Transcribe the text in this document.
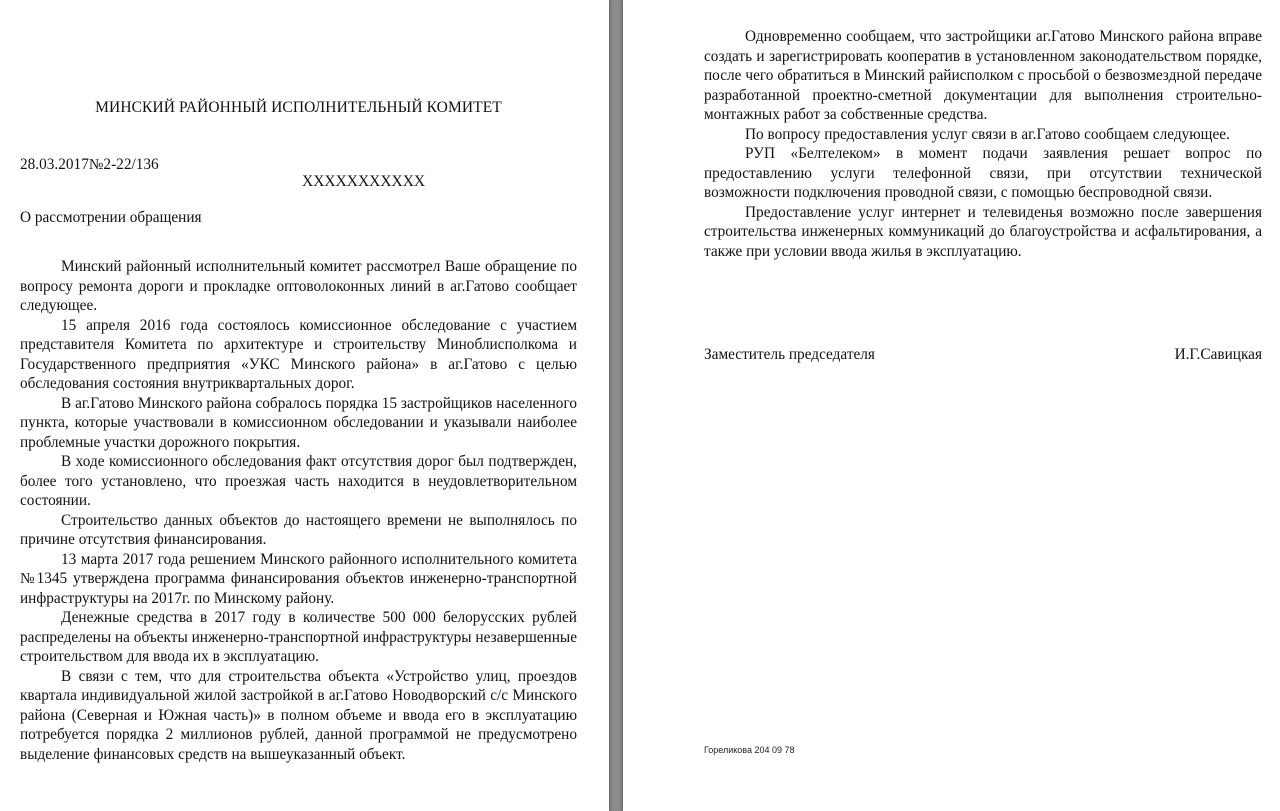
МИНСКИЙ РАЙОННЫЙ ИСПОЛНИТЕЛЬНЫЙ КОМИТЕТ
28.03.2017№2-22/136
ХХХХХХХХХХХ
О рассмотрении обращения

Минский районный исполнительный комитет рассмотрел Ваше обращение по вопросу ремонта дороги и прокладке оптоволоконных линий в аг.Гатово сообщает следующее.

15 апреля 2016 года состоялось комиссионное обследование с участием представителя Комитета по архитектуре и строительству Миноблисполкома и Государственного предприятия «УКС Минского района» в аг.Гатово с целью обследования состояния внутриквартальных дорог.

В аг.Гатово Минского района собралось порядка 15 застройщиков населенного пункта, которые участвовали в комиссионном обследовании и указывали наиболее проблемные участки дорожного покрытия.

В ходе комиссионного обследования факт отсутствия дорог был подтвержден, более того установлено, что проезжая часть находится в неудовлетворительном состоянии.

Строительство данных объектов до настоящего времени не выполнялось по причине отсутствия финансирования.

13 марта 2017 года решением Минского районного исполнительного комитета №1345 утверждена программа финансирования объектов инженерно-транспортной инфраструктуры на 2017г. по Минскому району.

Денежные средства в 2017 году в количестве 500 000 белорусских рублей распределены на объекты инженерно-транспортной инфраструктуры незавершенные строительством для ввода их в эксплуатацию.

В связи с тем, что для строительства объекта «Устройство улиц, проездов квартала индивидуальной жилой застройкой в аг.Гатово Новодворский с/с Минского района (Северная и Южная часть)» в полном объеме и ввода его в эксплуатацию потребуется порядка 2 миллионов рублей, данной программой не предусмотрено выделение финансовых средств на вышеуказанный объект.

Одновременно сообщаем, что застройщики аг.Гатово Минского района вправе создать и зарегистрировать кооператив в установленном законодательством порядке, после чего обратиться в Минский райисполком с просьбой о безвозмездной передаче разработанной проектно-сметной документации для выполнения строительно-монтажных работ за собственные средства.

По вопросу предоставления услуг связи в аг.Гатово сообщаем следующее.

РУП «Белтелеком» в момент подачи заявления решает вопрос по предоставлению услуги телефонной связи, при отсутствии технической возможности подключения проводной связи, с помощью беспроводной связи.

Предоставление услуг интернет и телевиденья возможно после завершения строительства инженерных коммуникаций до благоустройства и асфальтирования, а также при условии ввода жилья в эксплуатацию.

Заместитель председателя	И.Г.Савицкая
Гореликова 204 09 78
